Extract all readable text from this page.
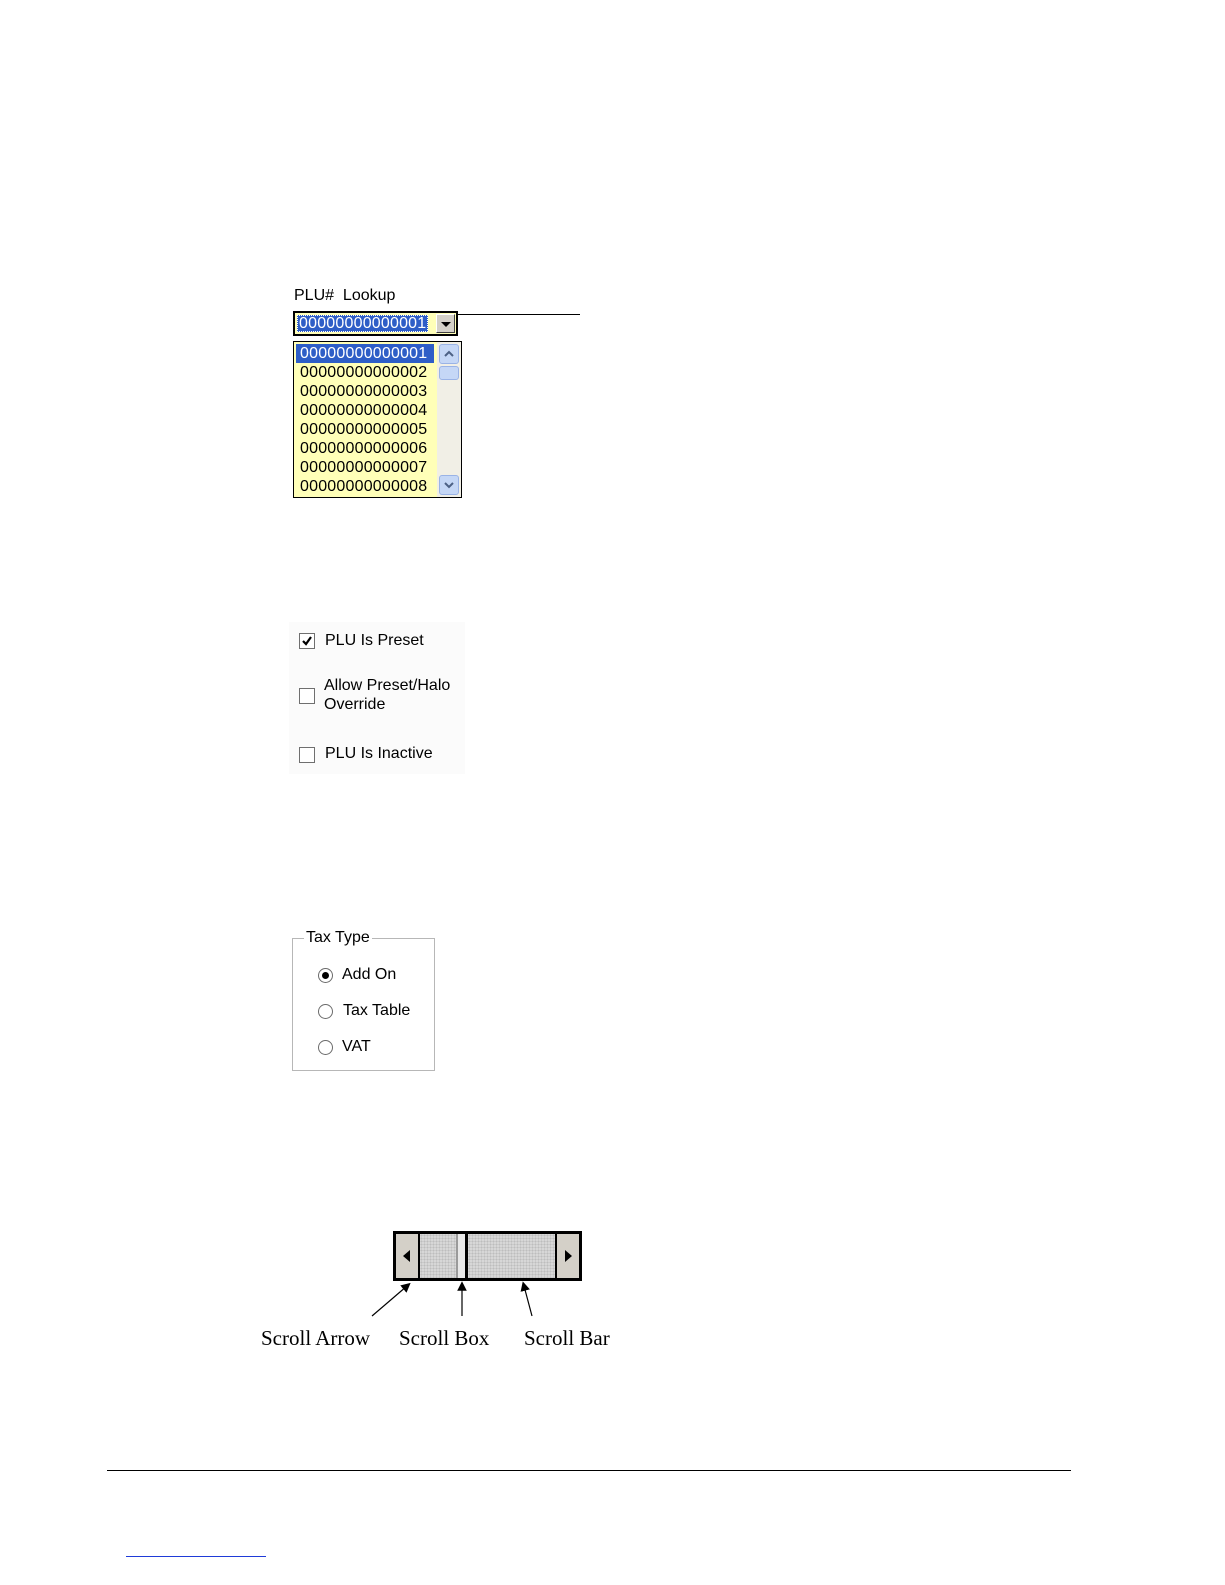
PLU#  Lookup
00000000000001
00000000000001
00000000000002
00000000000003
00000000000004
00000000000005
00000000000006
00000000000007
00000000000008
PLU Is Preset
Allow Preset/Halo
Override
PLU Is Inactive
Tax Type
Add On
Tax Table
VAT
Scroll Arrow Scroll Box Scroll Bar
